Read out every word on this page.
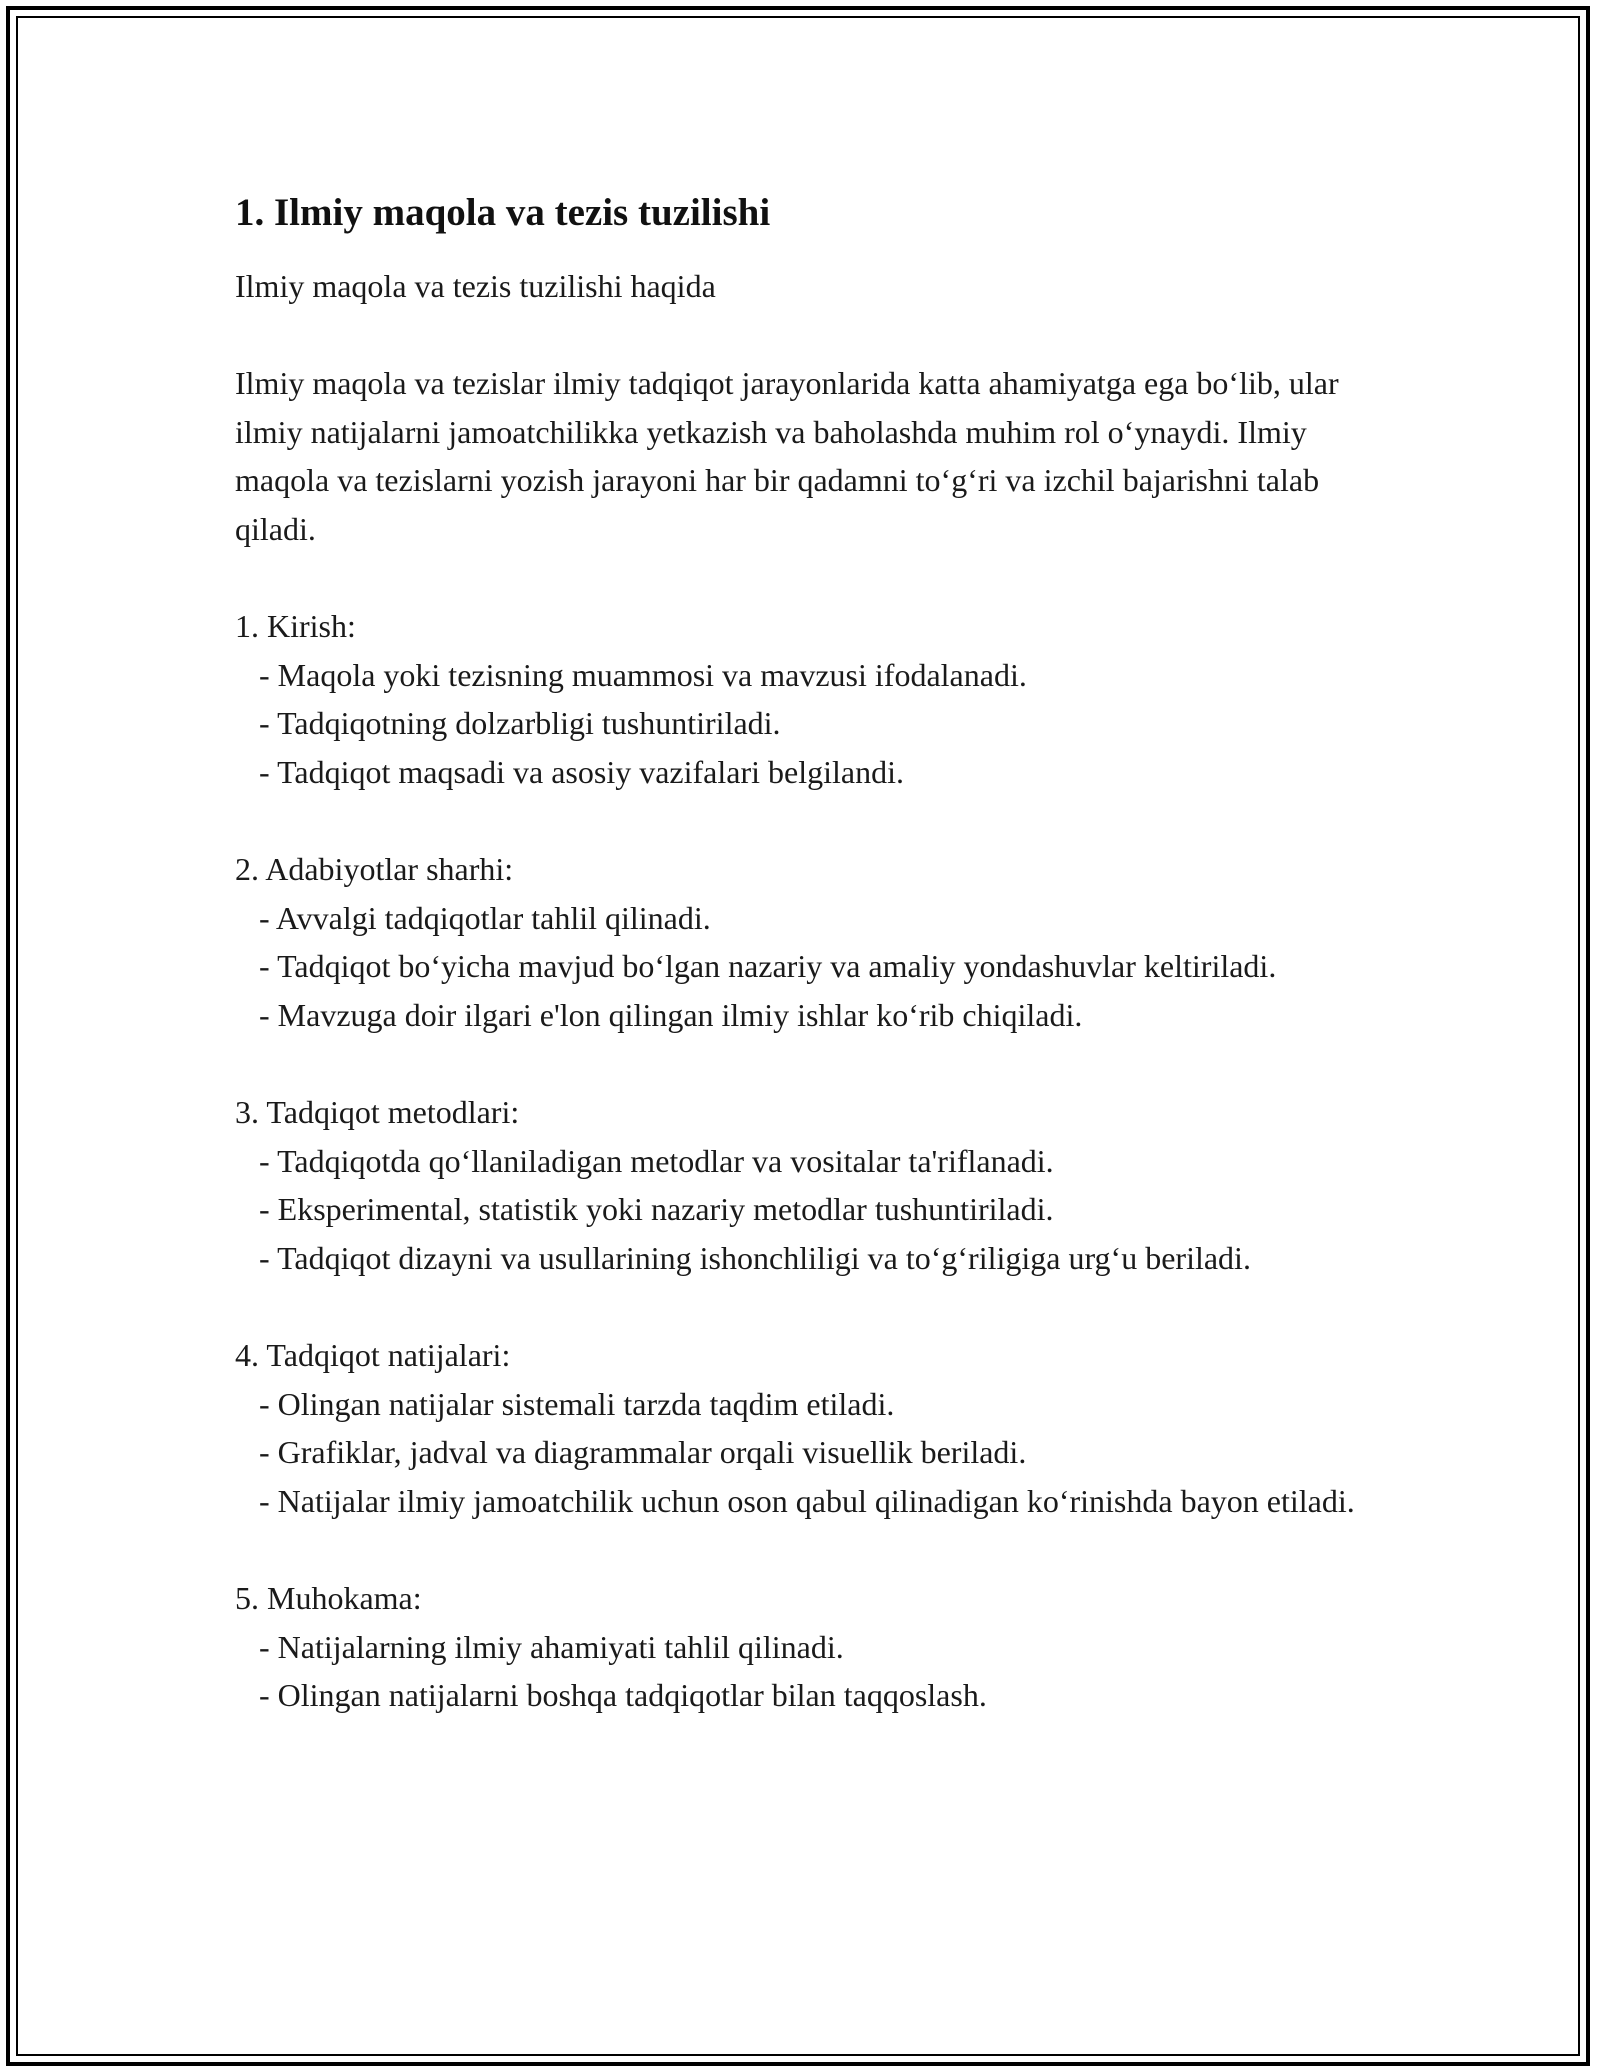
1. Ilmiy maqola va tezis tuzilishi

Ilmiy maqola va tezis tuzilishi haqida

Ilmiy maqola va tezislar ilmiy tadqiqot jarayonlarida katta ahamiyatga ega bo‘lib, ular ilmiy natijalarni jamoatchilikka yetkazish va baholashda muhim rol o‘ynaydi. Ilmiy maqola va tezislarni yozish jarayoni har bir qadamni to‘g‘ri va izchil bajarishni talab qiladi.

1. Kirish:

- Maqola yoki tezisning muammosi va mavzusi ifodalanadi.

- Tadqiqotning dolzarbligi tushuntiriladi.

- Tadqiqot maqsadi va asosiy vazifalari belgilandi.

2. Adabiyotlar sharhi:

- Avvalgi tadqiqotlar tahlil qilinadi.

- Tadqiqot bo‘yicha mavjud bo‘lgan nazariy va amaliy yondashuvlar keltiriladi.

- Mavzuga doir ilgari e'lon qilingan ilmiy ishlar ko‘rib chiqiladi.

3. Tadqiqot metodlari:

- Tadqiqotda qo‘llaniladigan metodlar va vositalar ta'riflanadi.

- Eksperimental, statistik yoki nazariy metodlar tushuntiriladi.

- Tadqiqot dizayni va usullarining ishonchliligi va to‘g‘riligiga urg‘u beriladi.

4. Tadqiqot natijalari:

- Olingan natijalar sistemali tarzda taqdim etiladi.

- Grafiklar, jadval va diagrammalar orqali visuellik beriladi.

- Natijalar ilmiy jamoatchilik uchun oson qabul qilinadigan ko‘rinishda bayon etiladi.

5. Muhokama:

- Natijalarning ilmiy ahamiyati tahlil qilinadi.

- Olingan natijalarni boshqa tadqiqotlar bilan taqqoslash.
